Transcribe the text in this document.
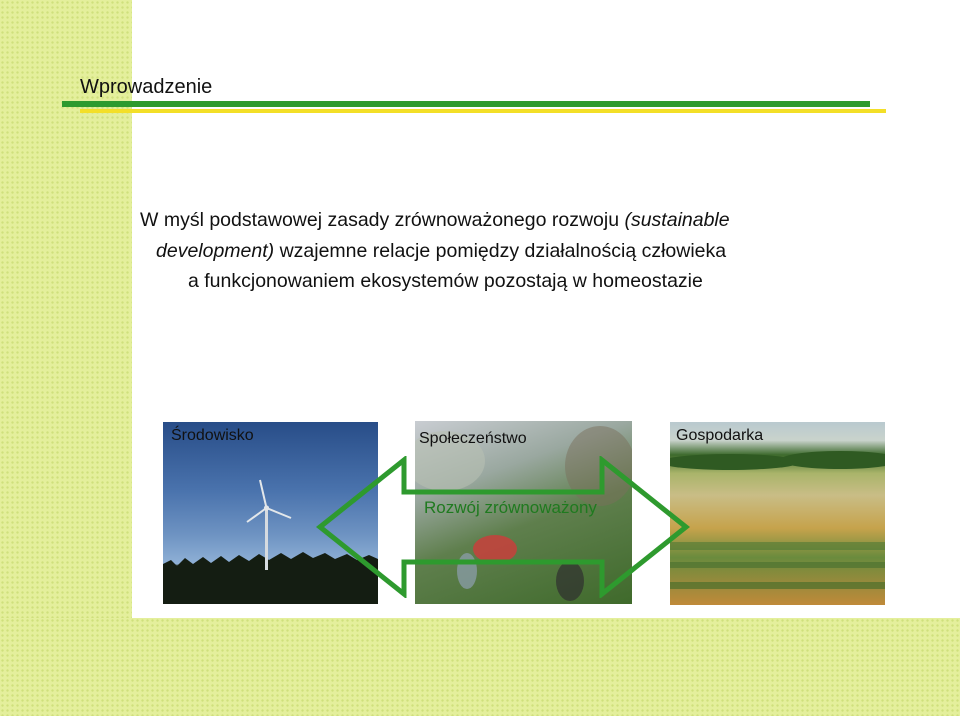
Wprowadzenie
W myśl podstawowej zasady zrównoważonego rozwoju (sustainable
development) wzajemne relacje pomiędzy działalnością człowieka
a funkcjonowaniem ekosystemów pozostają w homeostazie
Środowisko	Społeczeństwo	Gospodarka
Rozwój zrównoważony
